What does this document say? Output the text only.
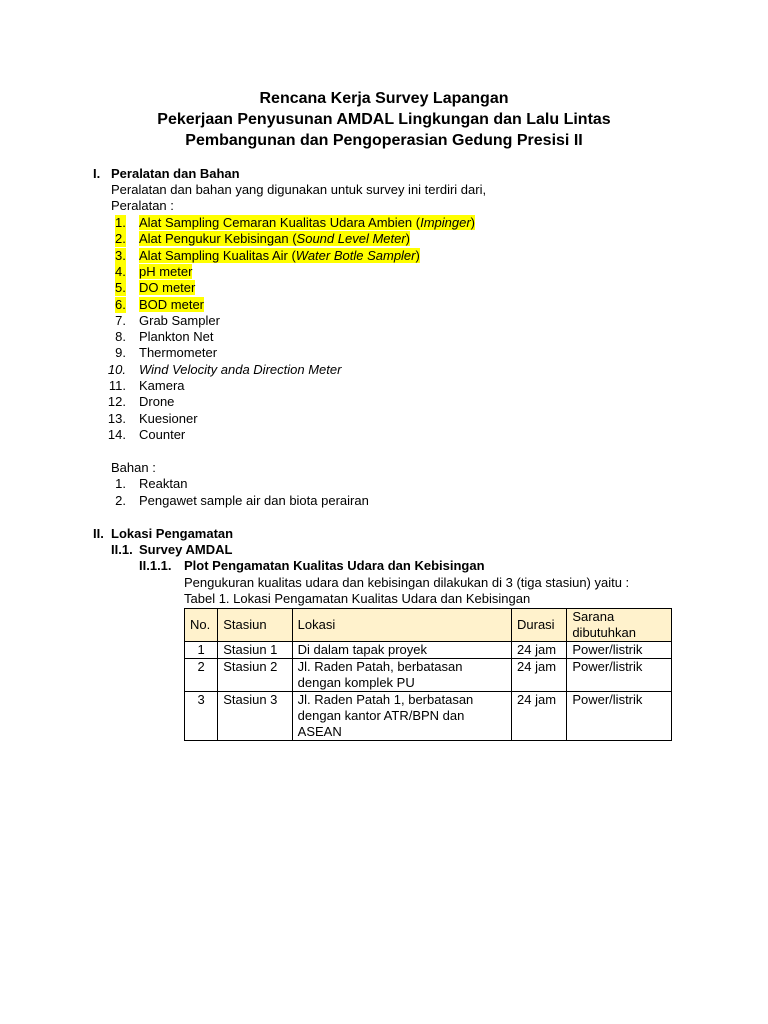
Rencana Kerja Survey Lapangan
Pekerjaan Penyusunan AMDAL Lingkungan dan Lalu Lintas
Pembangunan dan Pengoperasian Gedung Presisi II
I. Peralatan dan Bahan
Peralatan dan bahan yang digunakan untuk survey ini terdiri dari,
Peralatan :
1. Alat Sampling Cemaran Kualitas Udara Ambien (Impinger)
2. Alat Pengukur Kebisingan (Sound Level Meter)
3. Alat Sampling Kualitas Air (Water Botle Sampler)
4. pH meter
5. DO meter
6. BOD meter
7. Grab Sampler
8. Plankton Net
9. Thermometer
10. Wind Velocity anda Direction Meter
11. Kamera
12. Drone
13. Kuesioner
14. Counter
Bahan :
1. Reaktan
2. Pengawet sample air dan biota perairan
II. Lokasi Pengamatan
II.1. Survey AMDAL
II.1.1. Plot Pengamatan Kualitas Udara dan Kebisingan
Pengukuran kualitas udara dan kebisingan dilakukan di 3 (tiga stasiun) yaitu :
Tabel 1. Lokasi Pengamatan Kualitas Udara dan Kebisingan
No.	Stasiun	Lokasi	Durasi	Sarana dibutuhkan
1	Stasiun 1	Di dalam tapak proyek	24 jam	Power/listrik
2	Stasiun 2	Jl. Raden Patah, berbatasan dengan komplek PU	24 jam	Power/listrik
3	Stasiun 3	Jl. Raden Patah 1, berbatasan dengan kantor ATR/BPN dan ASEAN	24 jam	Power/listrik
